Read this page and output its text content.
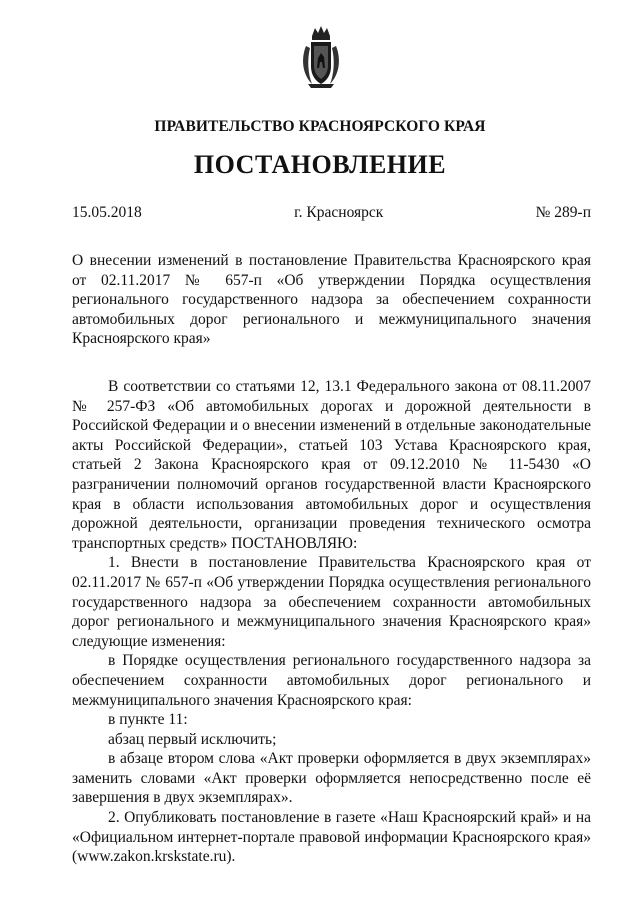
ПРАВИТЕЛЬСТВО КРАСНОЯРСКОГО КРАЯ
ПОСТАНОВЛЕНИЕ
15.05.2018	г. Красноярск	№ 289-п
О внесении изменений в постановление Правительства Красноярского края от 02.11.2017 № 657-п «Об утверждении Порядка осуществления регионального государственного надзора за обеспечением сохранности автомобильных дорог регионального и межмуниципального значения Красноярского края»

В соответствии со статьями 12, 13.1 Федерального закона от 08.11.2007 № 257-ФЗ «Об автомобильных дорогах и дорожной деятельности в Российской Федерации и о внесении изменений в отдельные законодательные акты Российской Федерации», статьей 103 Устава Красноярского края, статьей 2 Закона Красноярского края от 09.12.2010 № 11-5430 «О разграничении полномочий органов государственной власти Красноярского края в области использования автомобильных дорог и осуществления дорожной деятельности, организации проведения технического осмотра транспортных средств» ПОСТАНОВЛЯЮ:

1. Внести в постановление Правительства Красноярского края от 02.11.2017 № 657-п «Об утверждении Порядка осуществления регионального государственного надзора за обеспечением сохранности автомобильных дорог регионального и межмуниципального значения Красноярского края» следующие изменения:

в Порядке осуществления регионального государственного надзора за обеспечением сохранности автомобильных дорог регионального и межмуниципального значения Красноярского края:

в пункте 11:

абзац первый исключить;

в абзаце втором слова «Акт проверки оформляется в двух экземплярах» заменить словами «Акт проверки оформляется непосредственно после её завершения в двух экземплярах».

2. Опубликовать постановление в газете «Наш Красноярский край» и на «Официальном интернет-портале правовой информации Красноярского края» (www.zakon.krskstate.ru).
